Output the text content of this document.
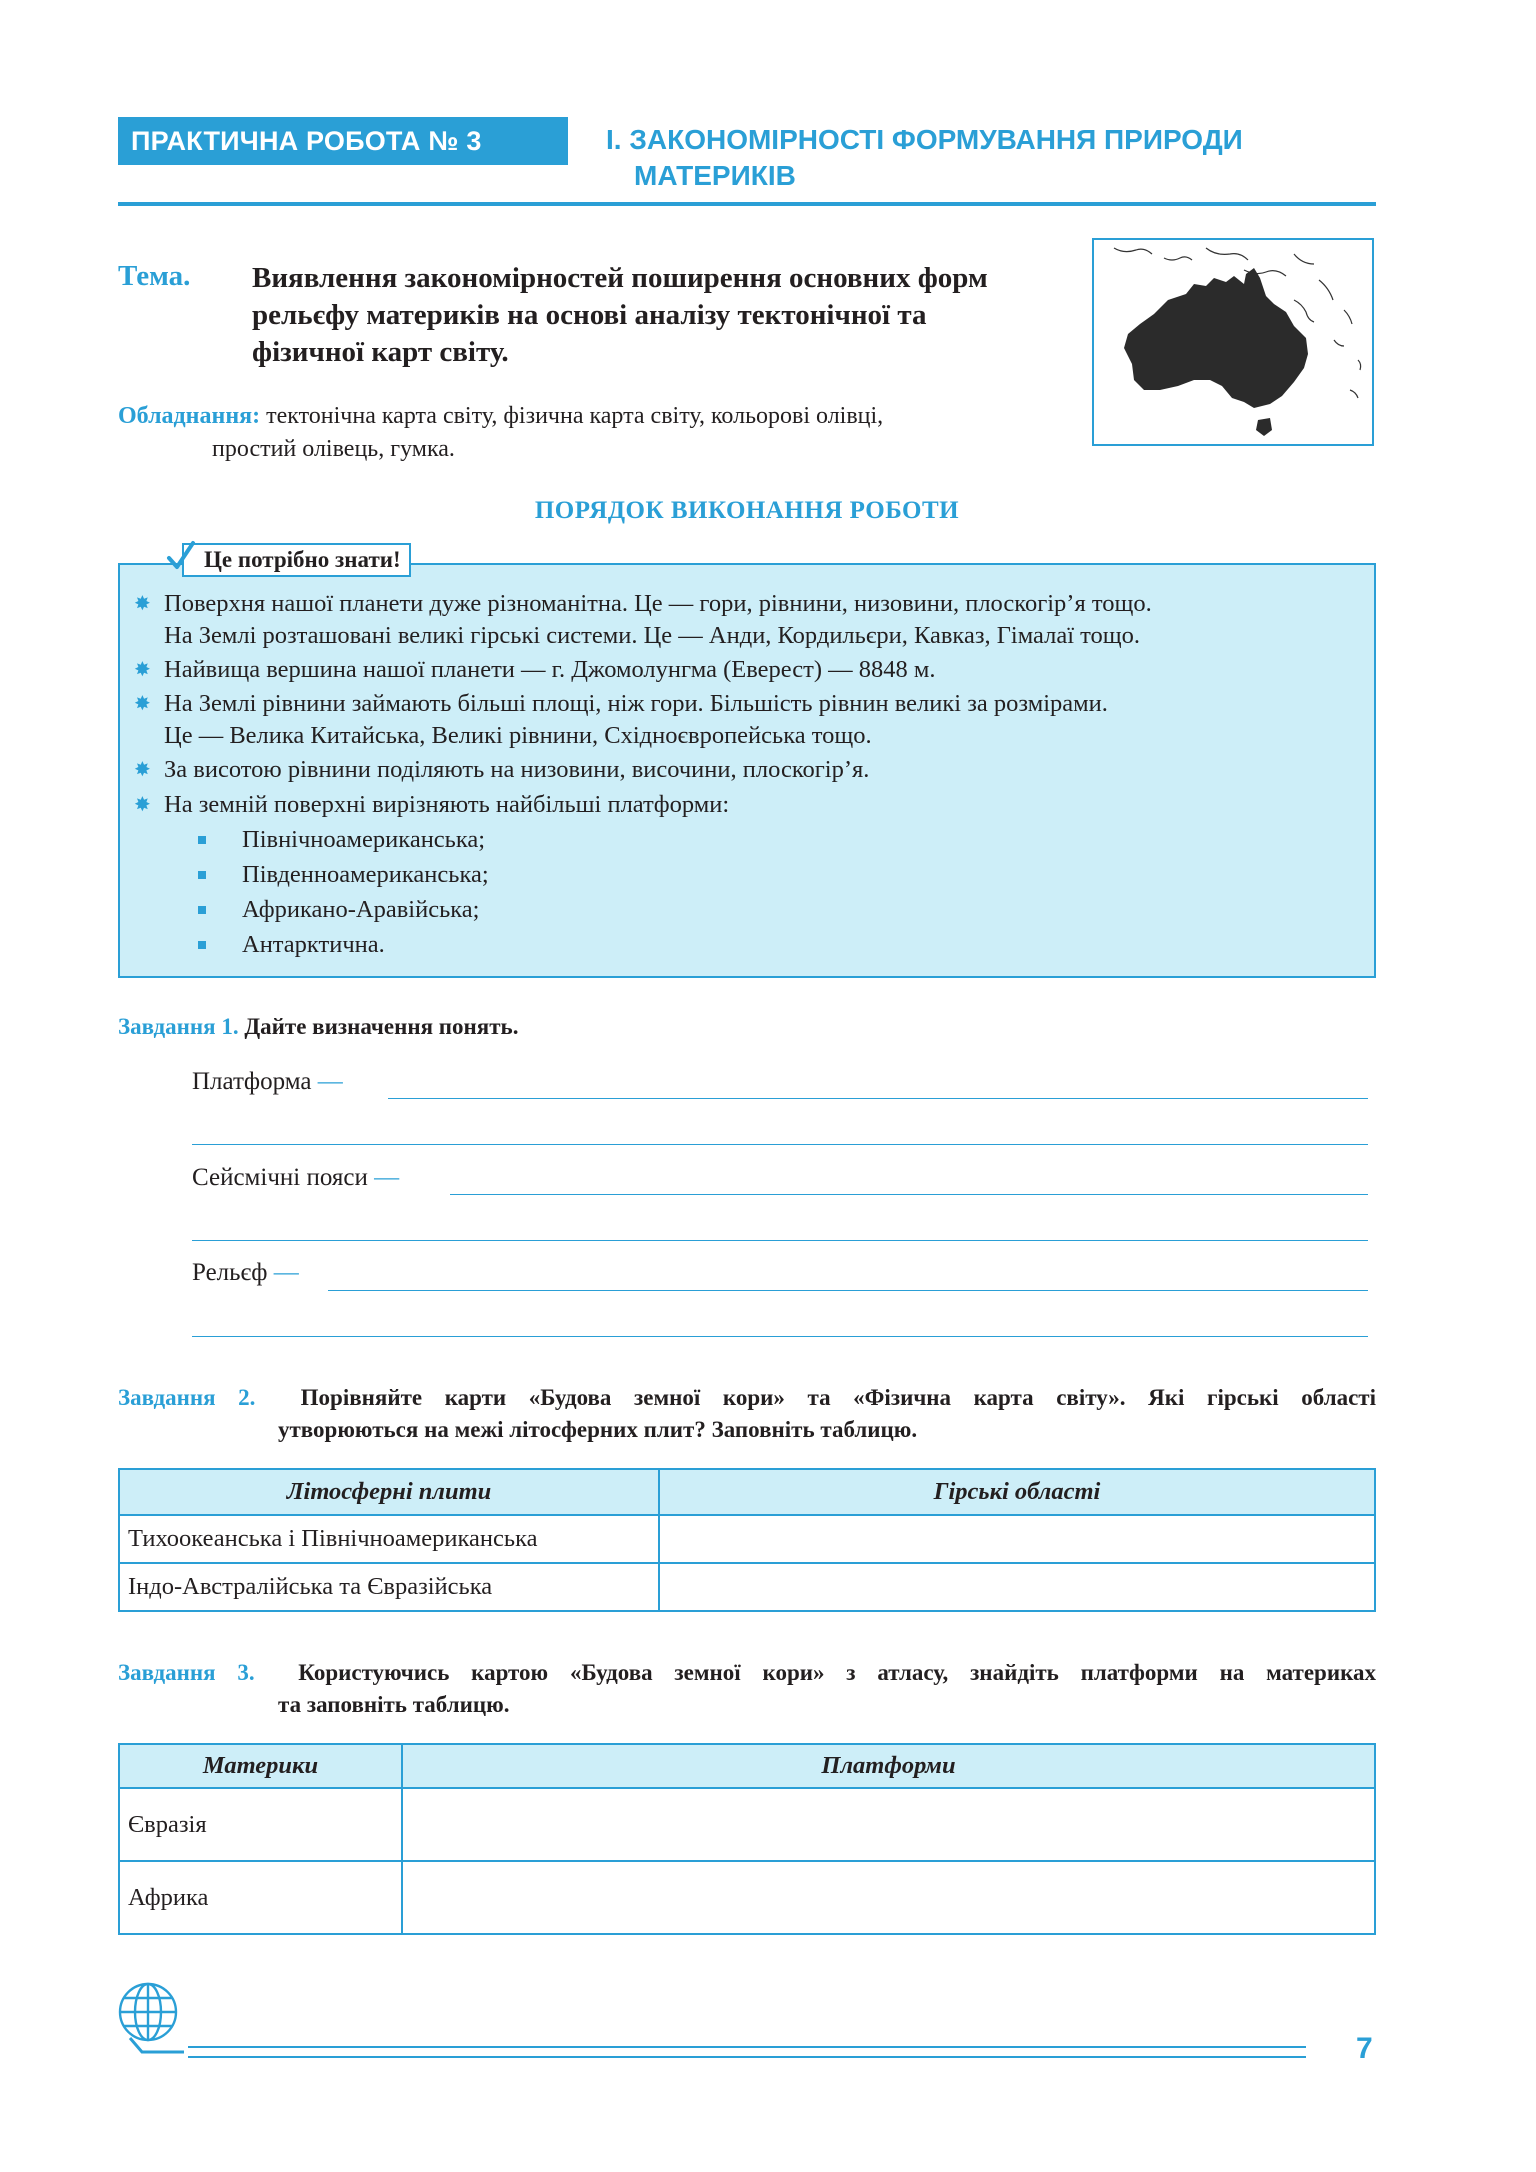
ПРАКТИЧНА РОБОТА № 3	І. ЗАКОНОМІРНОСТІ ФОРМУВАННЯ ПРИРОДИ
МАТЕРИКІВ
Тема. Виявлення закономірностей поширення основних форм
рельєфу материків на основі аналізу тектонічної та
фізичної карт світу.
Обладнання: тектонічна карта світу, фізична карта світу, кольорові олівці,
простий олівець, гумка.
ПОРЯДОК ВИКОНАННЯ РОБОТИ
Це потрібно знати!
✸ Поверхня нашої планети дуже різноманітна. Це — гори, рівнини, низовини, плоскогір’я тощо.
На Землі розташовані великі гірські системи. Це — Анди, Кордильєри, Кавказ, Гімалаї тощо.
✸ Найвища вершина нашої планети — г. Джомолунгма (Еверест) — 8848 м.
✸ На Землі рівнини займають більші площі, ніж гори. Більшість рівнин великі за розмірами.
Це — Велика Китайська, Великі рівнини, Східноєвропейська тощо.
✸ За висотою рівнини поділяють на низовини, височини, плоскогір’я.
✸ На земній поверхні вирізняють найбільші платформи:
Північноамериканська;
Південноамериканська;
Африкано-Аравійська;
Антарктична.
Завдання 1. Дайте визначення понять.
Платформа —
Сейсмічні пояси —
Рельєф —
Завдання 2. Порівняйте карти «Будова земної кори» та «Фізична карта світу». Які гірські області
утворюються на межі літосферних плит? Заповніть таблицю.
Літосферні плити	Гірські області
Тихоокеанська і Північноамериканська	
Індо-Австралійська та Євразійська	
Завдання 3. Користуючись картою «Будова земної кори» з атласу, знайдіть платформи на материках
та заповніть таблицю.
Материки	Платформи
Євразія	
Африка	
7
